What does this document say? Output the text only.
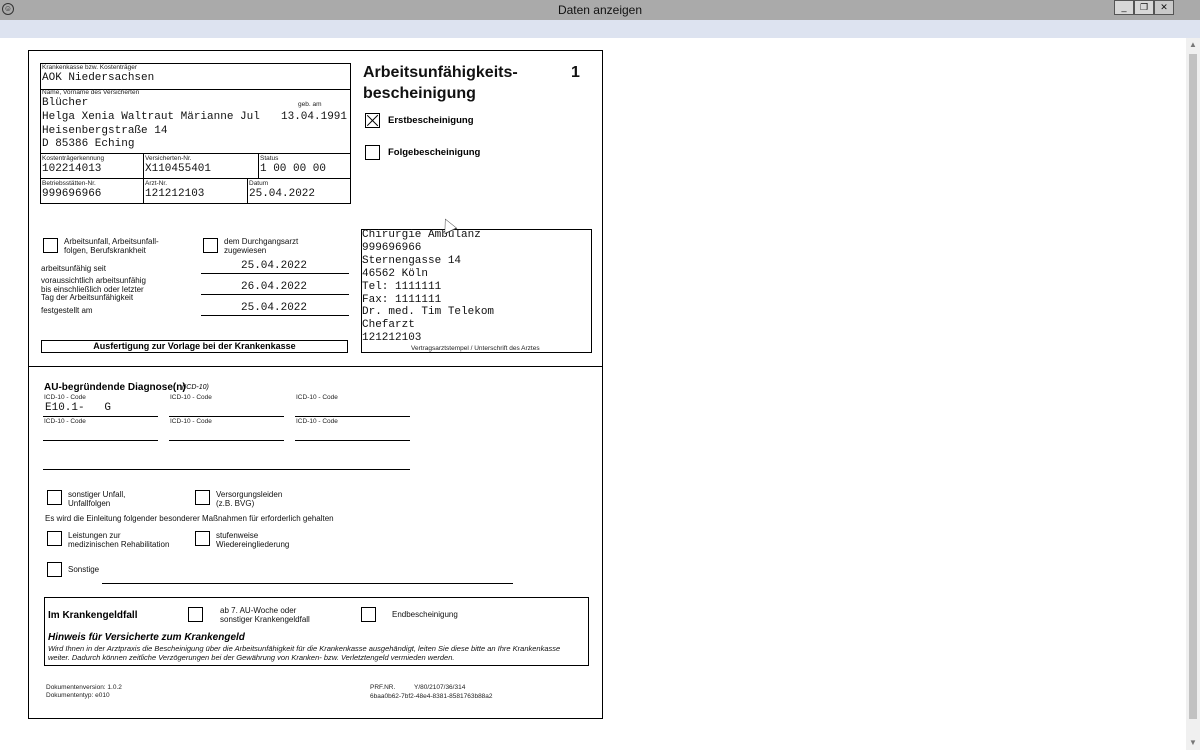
☺	Daten anzeigen	_	❐	✕
▲
▼
Krankenkasse bzw. Kostenträger
AOK Niedersachsen
Name, Vorname des Versicherten
Blücher	geb. am
Helga Xenia Waltraut Märianne Jul 13.04.1991
Heisenbergstraße 14
D 85386 Eching
Kostenträgerkennung
102214013
Versicherten-Nr.
X110455401
Status
1 00 00 00
Betriebsstätten-Nr.
999696966
Arzt-Nr.
121212103
Datum
25.04.2022
Arbeitsunfähigkeits-
bescheinigung
1
Erstbescheinigung
Folgebescheinigung
Arbeitsunfall, Arbeitsunfall-
folgen, Berufskrankheit
dem Durchgangsarzt
zugewiesen
arbeitsunfähig seit	25.04.2022
voraussichtlich arbeitsunfähig
bis einschließlich oder letzter
Tag der Arbeitsunfähigkeit
26.04.2022
festgestellt am	25.04.2022
Ausfertigung zur Vorlage bei der Krankenkasse
Chirurgie Ambulanz
999696966
Sternengasse 14
46562 Köln
Tel: 1111111
Fax: 1111111
Dr. med. Tim Telekom
Chefarzt
121212103
Vertragsarztstempel / Unterschrift des Arztes
AU-begründende Diagnose(n)
(ICD-10)
ICD-10 - Code	ICD-10 - Code	ICD-10 - Code
E10.1-   G
ICD-10 - Code	ICD-10 - Code	ICD-10 - Code
sonstiger Unfall,
Unfallfolgen
Versorgungsleiden
(z.B. BVG)
Es wird die Einleitung folgender besonderer Maßnahmen für erforderlich gehalten
Leistungen zur
medizinischen Rehabilitation
stufenweise
Wiedereingliederung
Sonstige
Im Krankengeldfall	ab 7. AU-Woche oder
sonstiger Krankengeldfall
Endbescheinigung
Hinweis für Versicherte zum Krankengeld
Wird Ihnen in der Arztpraxis die Bescheinigung über die Arbeitsunfähigkeit für die Krankenkasse ausgehändigt, leiten Sie diese bitte an Ihre Krankenkasse weiter. Dadurch können zeitliche Verzögerungen bei der Gewährung von Kranken- bzw. Verletztengeld vermieden werden.
Dokumentenversion: 1.0.2
Dokumententyp: e010
PRF.NR.	Y/80/2107/36/314
6baa0b62-7bf2-48e4-8381-8581763b88a2
